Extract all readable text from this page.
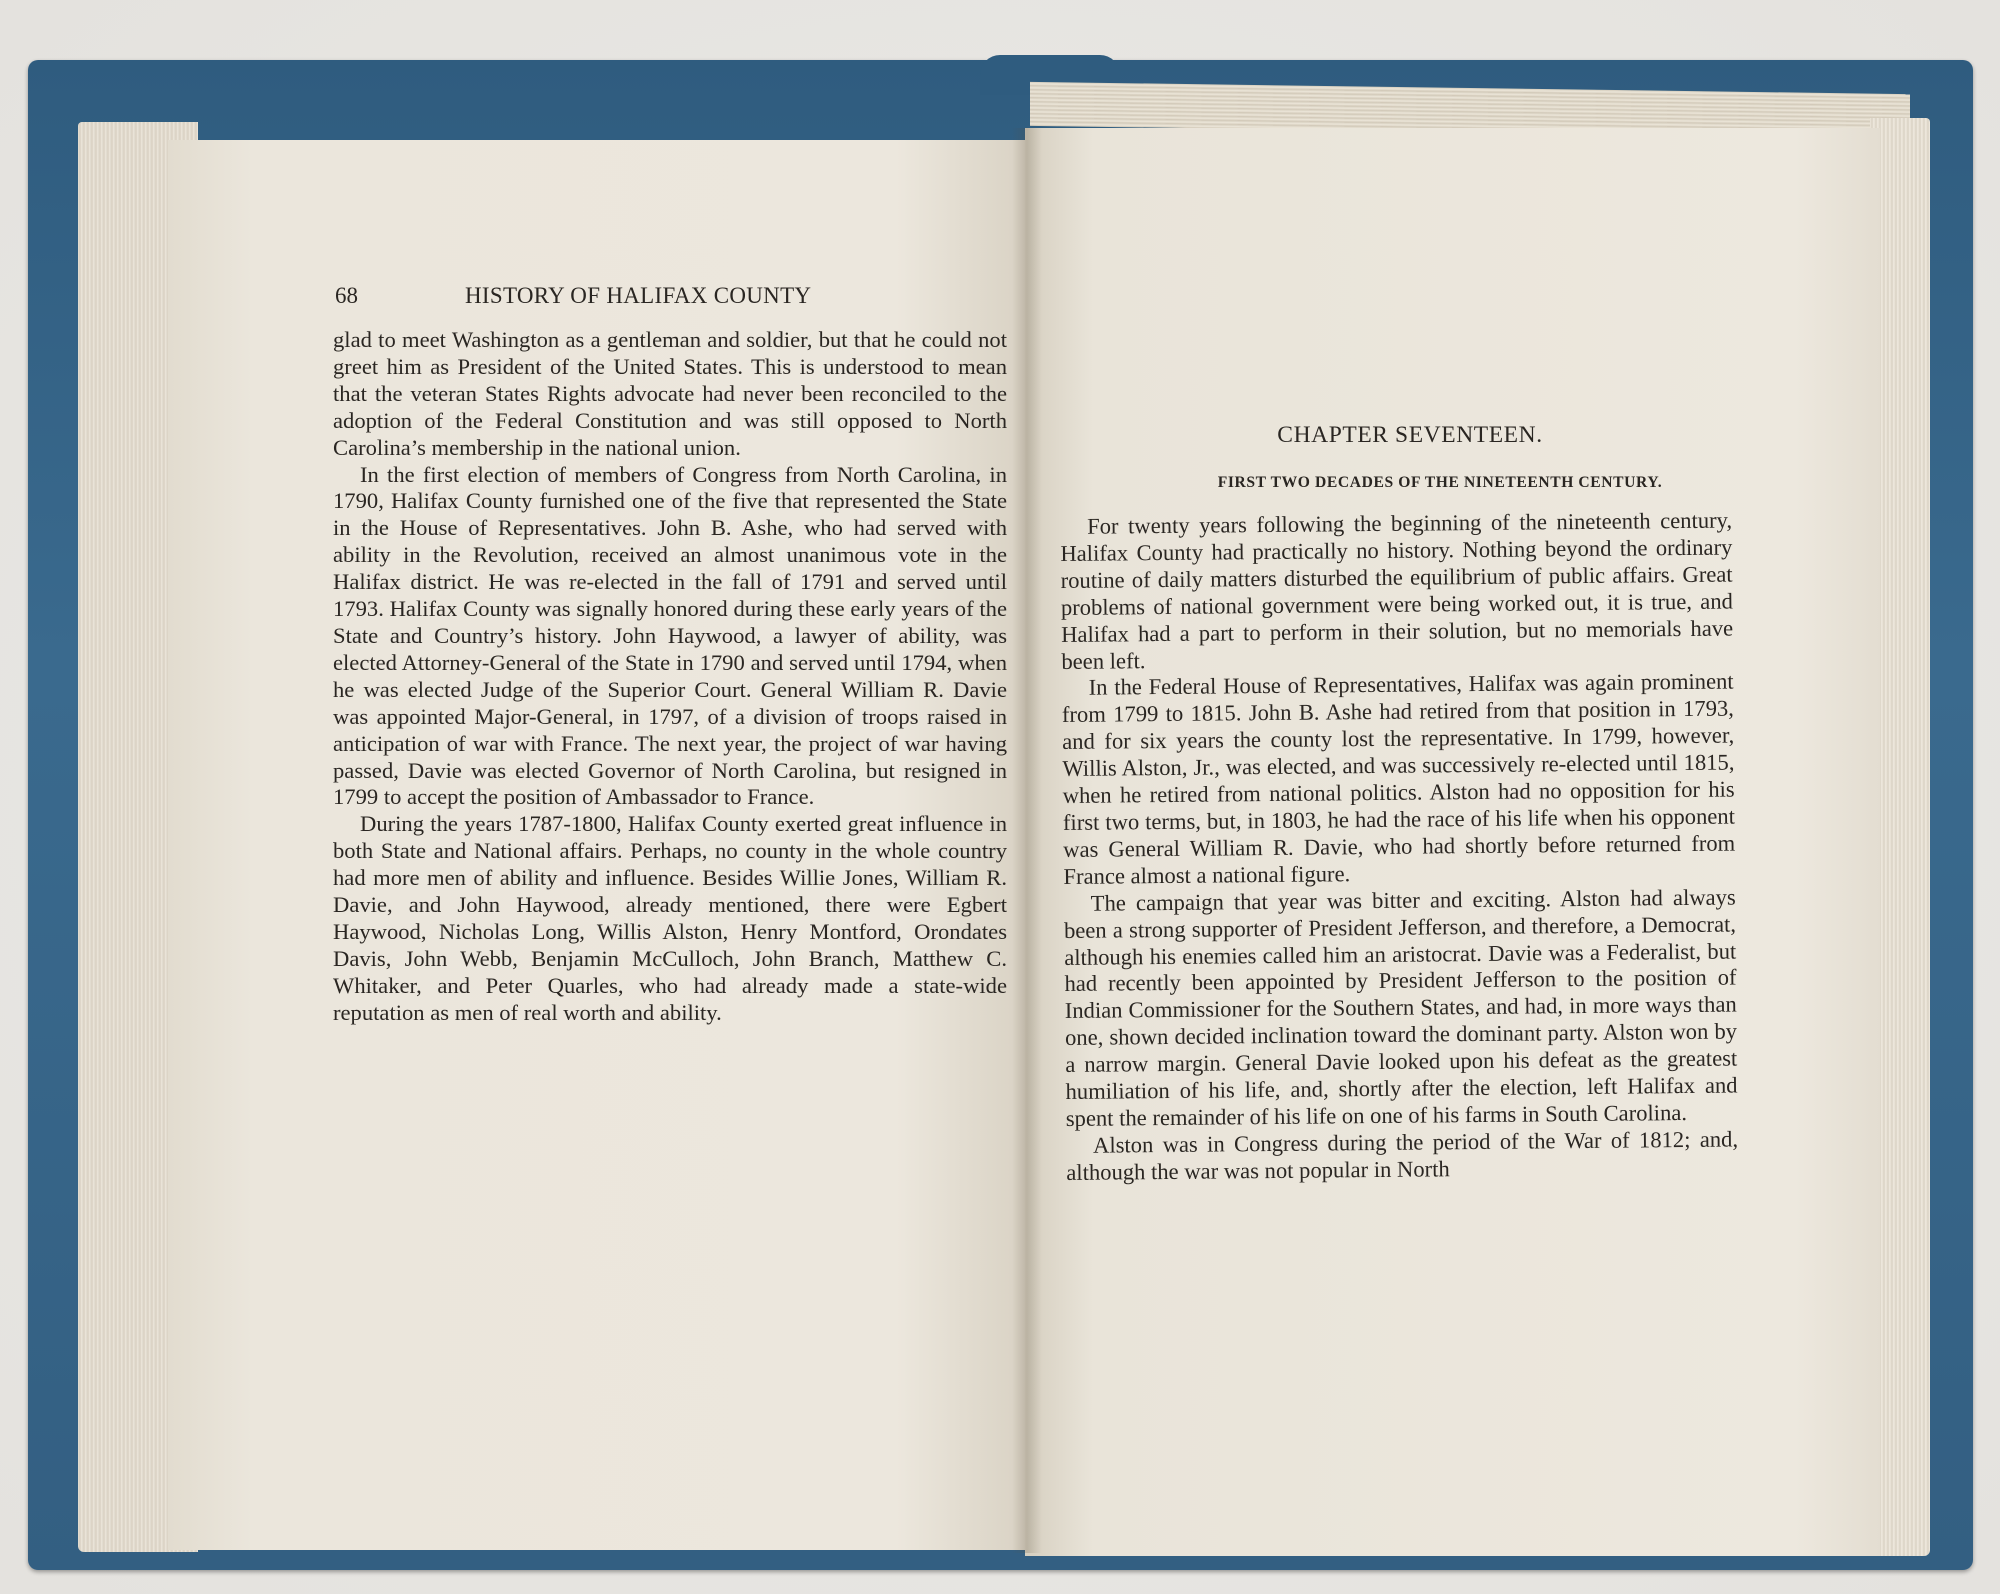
68	HISTORY OF HALIFAX COUNTY

glad to meet Washington as a gentleman and soldier, but that he could not greet him as President of the United States. This is understood to mean that the veteran States Rights advocate had never been reconciled to the adoption of the Federal Constitution and was still opposed to North Carolina’s membership in the national union.

In the first election of members of Congress from North Carolina, in 1790, Halifax County furnished one of the five that represented the State in the House of Representatives. John B. Ashe, who had served with ability in the Revolution, received an almost unanimous vote in the Halifax district. He was re-elected in the fall of 1791 and served until 1793. Halifax County was signally honored during these early years of the State and Country’s history. John Haywood, a lawyer of ability, was elected Attorney-General of the State in 1790 and served until 1794, when he was elected Judge of the Superior Court. General William R. Davie was appointed Major-General, in 1797, of a division of troops raised in anticipation of war with France. The next year, the project of war having passed, Davie was elected Governor of North Carolina, but resigned in 1799 to accept the position of Ambassador to France.

During the years 1787-1800, Halifax County exerted great influence in both State and National affairs. Perhaps, no county in the whole country had more men of ability and influence. Besides Willie Jones, William R. Davie, and John Haywood, already mentioned, there were Egbert Haywood, Nicholas Long, Willis Alston, Henry Montford, Orondates Davis, John Webb, Benjamin McCulloch, John Branch, Matthew C. Whitaker, and Peter Quarles, who had already made a state-wide reputation as men of real worth and ability.

CHAPTER SEVENTEEN.
FIRST TWO DECADES OF THE NINETEENTH CENTURY.

For twenty years following the beginning of the nineteenth century, Halifax County had practically no history. Nothing beyond the ordinary routine of daily matters disturbed the equilibrium of public affairs. Great problems of national government were being worked out, it is true, and Halifax had a part to perform in their solution, but no memorials have been left.

In the Federal House of Representatives, Halifax was again prominent from 1799 to 1815. John B. Ashe had retired from that position in 1793, and for six years the county lost the representative. In 1799, however, Willis Alston, Jr., was elected, and was successively re-elected until 1815, when he retired from national politics. Alston had no opposition for his first two terms, but, in 1803, he had the race of his life when his opponent was General William R. Davie, who had shortly before returned from France almost a national figure.

The campaign that year was bitter and exciting. Alston had always been a strong supporter of President Jefferson, and therefore, a Democrat, although his enemies called him an aristocrat. Davie was a Federalist, but had recently been appointed by President Jefferson to the position of Indian Commissioner for the Southern States, and had, in more ways than one, shown decided inclination toward the dominant party. Alston won by a narrow margin. General Davie looked upon his defeat as the greatest humiliation of his life, and, shortly after the election, left Halifax and spent the remainder of his life on one of his farms in South Carolina.

Alston was in Congress during the period of the War of 1812; and, although the war was not popular in North
